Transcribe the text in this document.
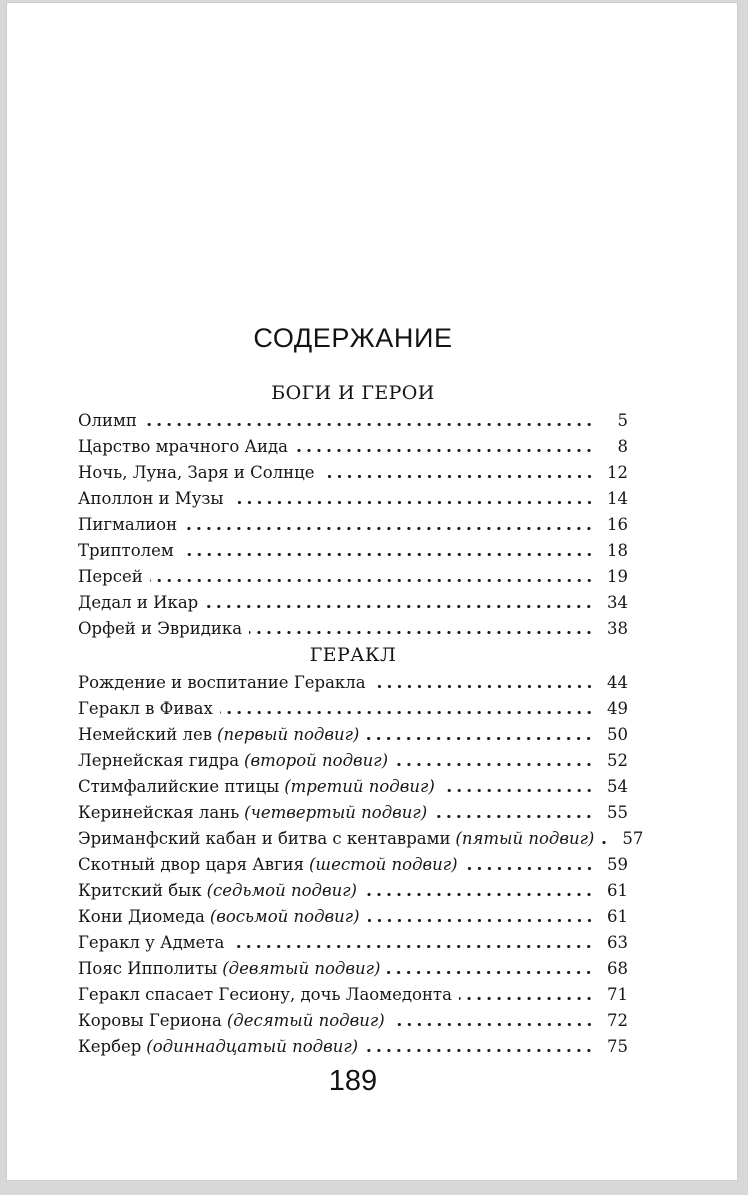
СОДЕРЖАНИЕ
БОГИ И ГЕРОИ
Олимп	5
Царство мрачного Аида	8
Ночь, Луна, Заря и Солнце	12
Аполлон и Музы	14
Пигмалион	16
Триптолем	18
Персей	19
Дедал и Икар	34
Орфей и Эвридика	38
ГЕРАКЛ
Рождение и воспитание Геракла	44
Геракл в Фивах	49
Немейский лев (первый подвиг)	50
Лернейская гидра (второй подвиг)	52
Стимфалийские птицы (третий подвиг)	54
Керинейская лань (четвертый подвиг)	55
Эриманфский кабан и битва с кентаврами (пятый подвиг)	57
Скотный двор царя Авгия (шестой подвиг)	59
Критский бык (седьмой подвиг)	61
Кони Диомеда (восьмой подвиг)	61
Геракл у Адмета	63
Пояс Ипполиты (девятый подвиг)	68
Геракл спасает Гесиону, дочь Лаомедонта	71
Коровы Гериона (десятый подвиг)	72
Кербер (одиннадцатый подвиг)	75
189
